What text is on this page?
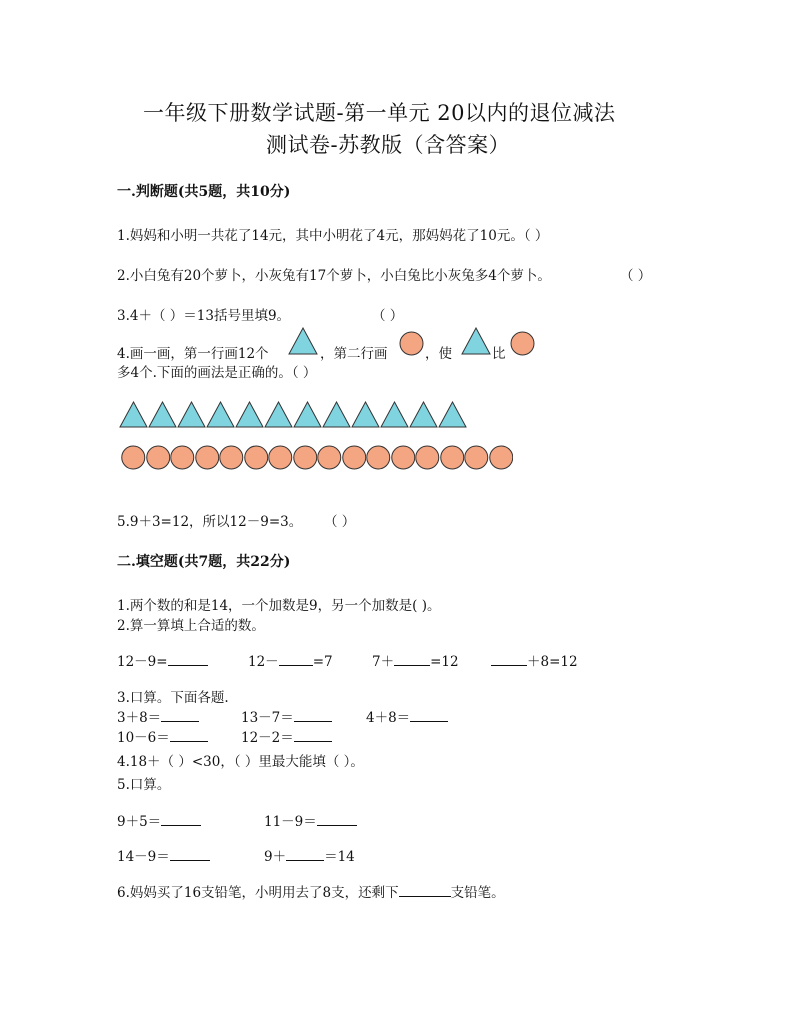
一年级下册数学试题-第一单元 20以内的退位减法
测试卷-苏教版（含答案）
一.判断题(共5题，共10分)
1.妈妈和小明一共花了14元，其中小明花了4元，那妈妈花了10元。（ ）
2.小白兔有20个萝卜，小灰兔有17个萝卜，小白兔比小灰兔多4个萝卜。	（ ）
3.4＋（ ）＝13括号里填9。	（ ）
4.画一画，第一行画12个	，第二行画	，使	比
多4个.下面的画法是正确的。（ ）
5.9＋3=12，所以12－9=3。 （ ）
二.填空题(共7题，共22分)
1.两个数的和是14，一个加数是9，另一个加数是( )。
2.算一算填上合适的数。
12－9=	12－	=7	7＋	=12	＋8=12
3.口算。下面各题.
3＋8＝	13－7＝	4＋8＝
10－6＝	12－2＝
4.18＋（ ）<30，（ ）里最大能填（ ）。
5.口算。
9＋5＝	11－9＝
14－9＝	9＋	＝14
6.妈妈买了16支铅笔，小明用去了8支，还剩下	支铅笔。
